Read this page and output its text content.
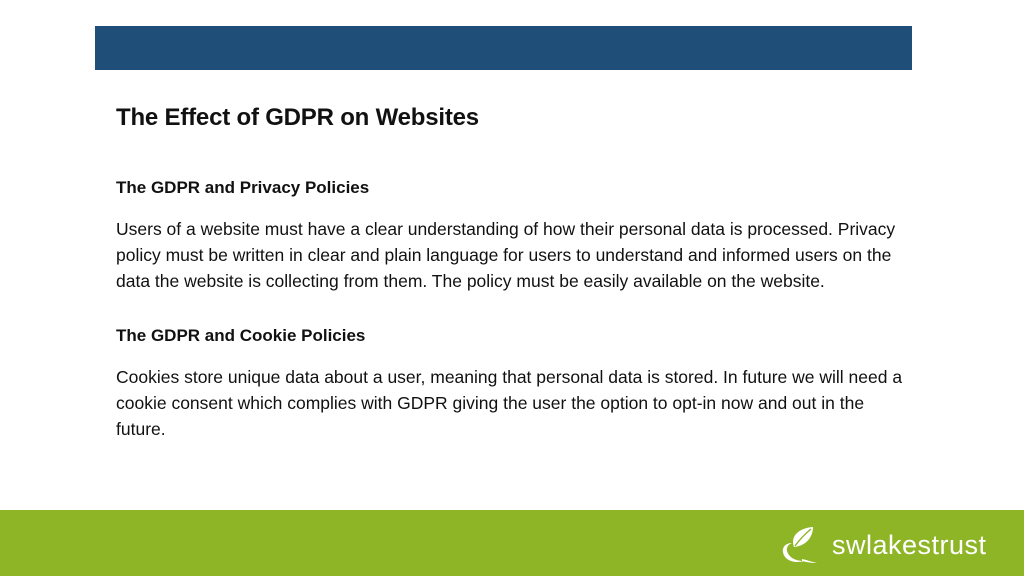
The Effect of GDPR on Websites
The GDPR and Privacy Policies

Users of a website must have a clear understanding of how their personal data is processed. Privacy policy must be written in clear and plain language for users to understand and informed users on the data the website is collecting from them. The policy must be easily available on the website.

The GDPR and Cookie Policies

Cookies store unique data about a user, meaning that personal data is stored. In future we will need a cookie consent which complies with GDPR giving the user the option to opt-in now and out in the future.

swlakestrust
